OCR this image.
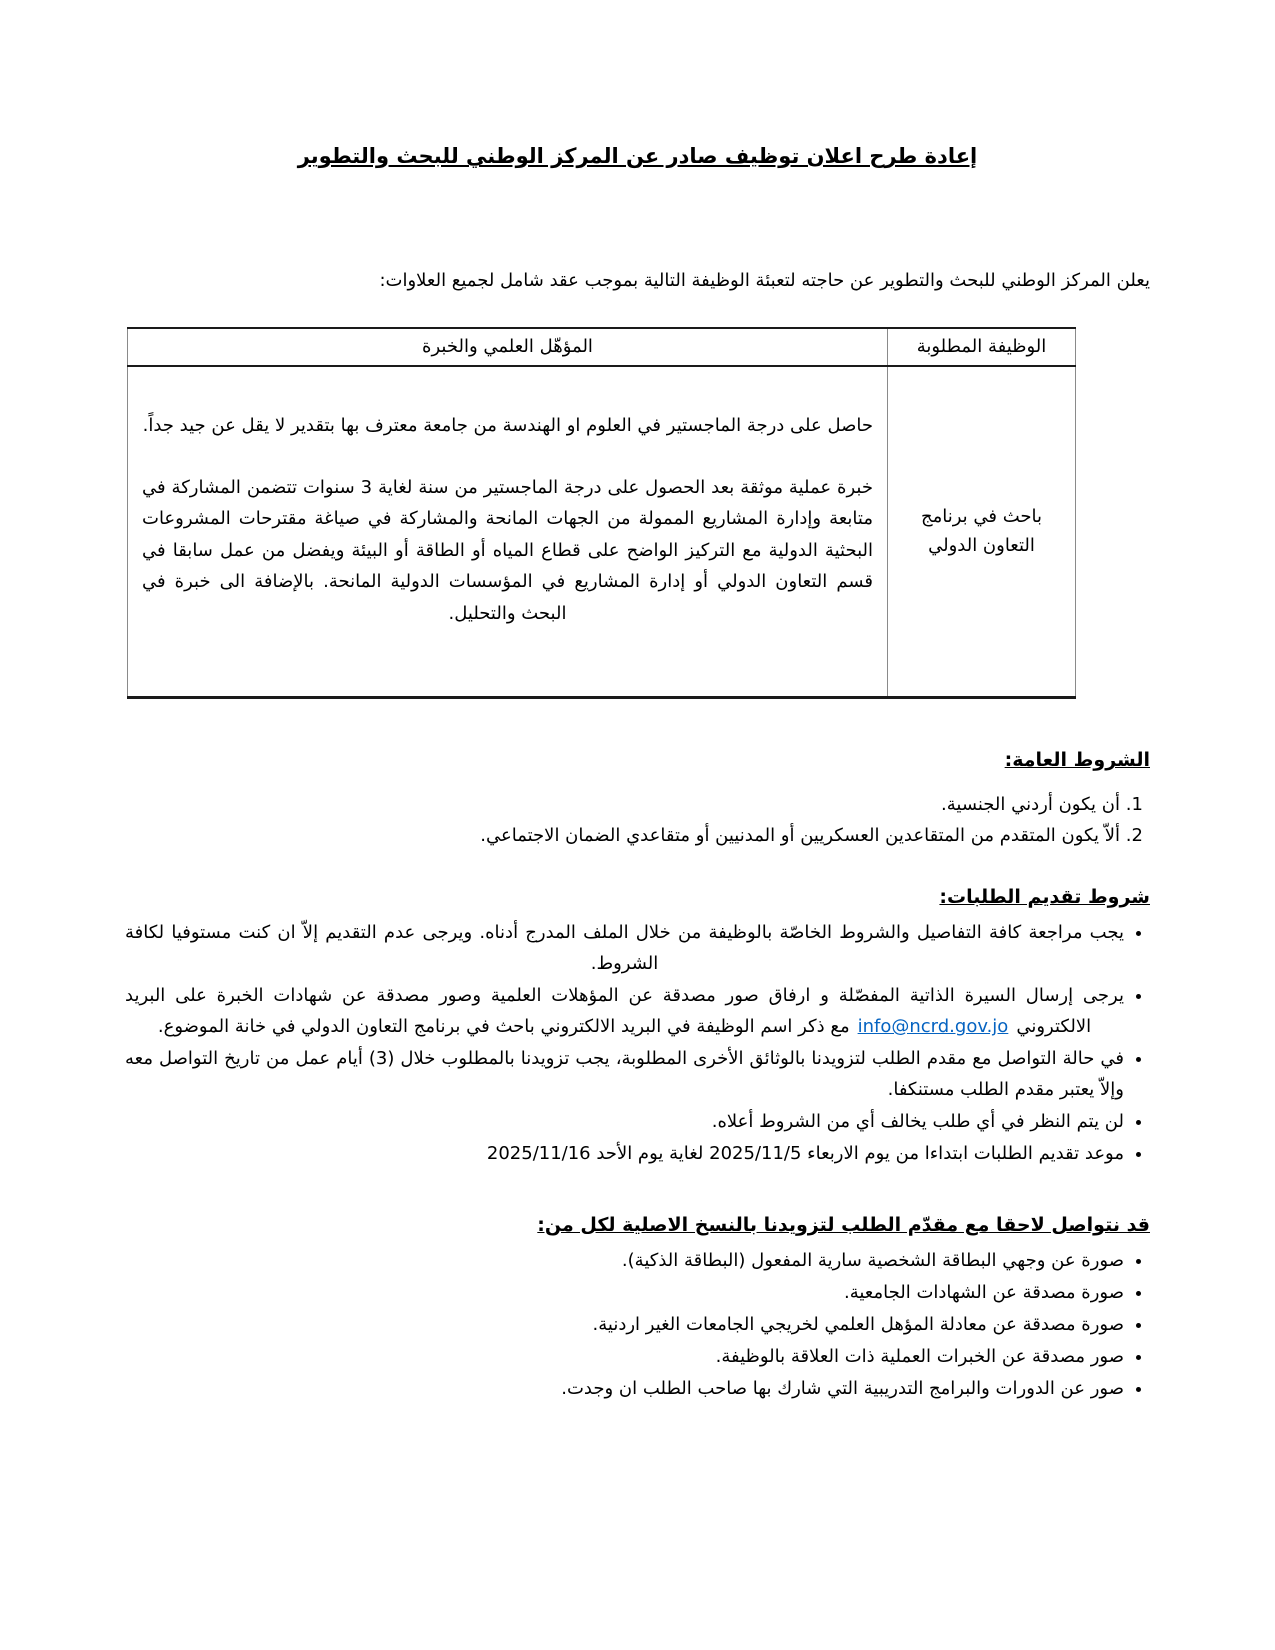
إعادة طرح اعلان توظيف صادر عن المركز الوطني للبحث والتطوير

يعلن المركز الوطني للبحث والتطوير عن حاجته لتعبئة الوظيفة التالية بموجب عقد شامل لجميع العلاوات:

الوظيفة المطلوبة	المؤهّل العلمي والخبرة
باحث في برنامج التعاون الدولي	حاصل على درجة الماجستير في العلوم او الهندسة من جامعة معترف بها بتقدير لا يقل عن جيد جداً.

خبرة عملية موثقة بعد الحصول على درجة الماجستير من سنة لغاية 3 سنوات تتضمن المشاركة في متابعة وإدارة المشاريع الممولة من الجهات المانحة والمشاركة في صياغة مقترحات المشروعات البحثية الدولية مع التركيز الواضح على قطاع المياه أو الطاقة أو البيئة ويفضل من عمل سابقا في قسم التعاون الدولي أو إدارة المشاريع في المؤسسات الدولية المانحة. بالإضافة الى خبرة في البحث والتحليل.

الشروط العامة:
1. أن يكون أردني الجنسية.
2. ألاّ يكون المتقدم من المتقاعدين العسكريين أو المدنيين أو متقاعدي الضمان الاجتماعي.
شروط تقديم الطلبات:
• يجب مراجعة كافة التفاصيل والشروط الخاصّة بالوظيفة من خلال الملف المدرج أدناه. ويرجى عدم التقديم إلاّ ان كنت مستوفيا لكافة الشروط.
• يرجى إرسال السيرة الذاتية المفصّلة و ارفاق صور مصدقة عن المؤهلات العلمية وصور مصدقة عن شهادات الخبرة على البريد الالكترونيinfo@ncrd.gov.joمع ذكر اسم الوظيفة في البريد الالكتروني باحث في برنامج التعاون الدولي في خانة الموضوع.
• في حالة التواصل مع مقدم الطلب لتزويدنا بالوثائق الأخرى المطلوبة، يجب تزويدنا بالمطلوب خلال (3) أيام عمل من تاريخ التواصل معه وإلاّ يعتبر مقدم الطلب مستنكفا.
• لن يتم النظر في أي طلب يخالف أي من الشروط أعلاه.
• موعد تقديم الطلبات ابتداءا من يوم الاربعاء 2025/11/5 لغاية يوم الأحد 2025/11/16
قد نتواصل لاحقا مع مقدّم الطلب لتزويدنا بالنسخ الاصلية لكل من:
• صورة عن وجهي البطاقة الشخصية سارية المفعول (البطاقة الذكية).
• صورة مصدقة عن الشهادات الجامعية.
• صورة مصدقة عن معادلة المؤهل العلمي لخريجي الجامعات الغير اردنية.
• صور مصدقة عن الخبرات العملية ذات العلاقة بالوظيفة.
• صور عن الدورات والبرامج التدريبية التي شارك بها صاحب الطلب ان وجدت.
